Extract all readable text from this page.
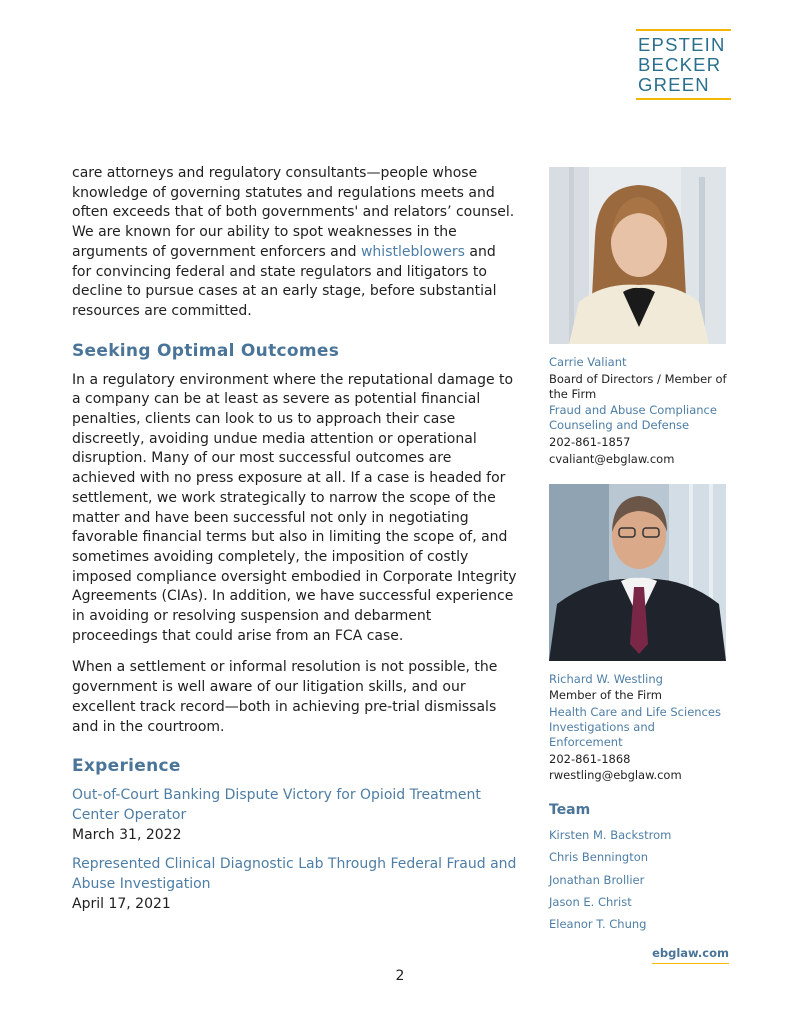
EPSTEIN
BECKER
GREEN

care attorneys and regulatory consultants—people whose knowledge of governing statutes and regulations meets and often exceeds that of both governments' and relators’ counsel. We are known for our ability to spot weaknesses in the arguments of government enforcers and whistleblowers and for convincing federal and state regulators and litigators to decline to pursue cases at an early stage, before substantial resources are committed.

Seeking Optimal Outcomes

In a regulatory environment where the reputational damage to a company can be at least as severe as potential financial penalties, clients can look to us to approach their case discreetly, avoiding undue media attention or operational disruption. Many of our most successful outcomes are achieved with no press exposure at all. If a case is headed for settlement, we work strategically to narrow the scope of the matter and have been successful not only in negotiating favorable financial terms but also in limiting the scope of, and sometimes avoiding completely, the imposition of costly imposed compliance oversight embodied in Corporate Integrity Agreements (CIAs). In addition, we have successful experience in avoiding or resolving suspension and debarment proceedings that could arise from an FCA case.

When a settlement or informal resolution is not possible, the government is well aware of our litigation skills, and our excellent track record—both in achieving pre-trial dismissals and in the courtroom.

Experience
Out-of-Court Banking Dispute Victory for Opioid Treatment Center Operator
March 31, 2022
Represented Clinical Diagnostic Lab Through Federal Fraud and Abuse Investigation
April 17, 2021
Carrie Valiant
Board of Directors / Member of the Firm
Fraud and Abuse Compliance Counseling and Defense
202-861-1857
cvaliant@ebglaw.com
Richard W. Westling
Member of the Firm
Health Care and Life Sciences Investigations and Enforcement
202-861-1868
rwestling@ebglaw.com
Team
Kirsten M. Backstrom
Chris Bennington
Jonathan Brollier
Jason E. Christ
Eleanor T. Chung
ebglaw.com
2
